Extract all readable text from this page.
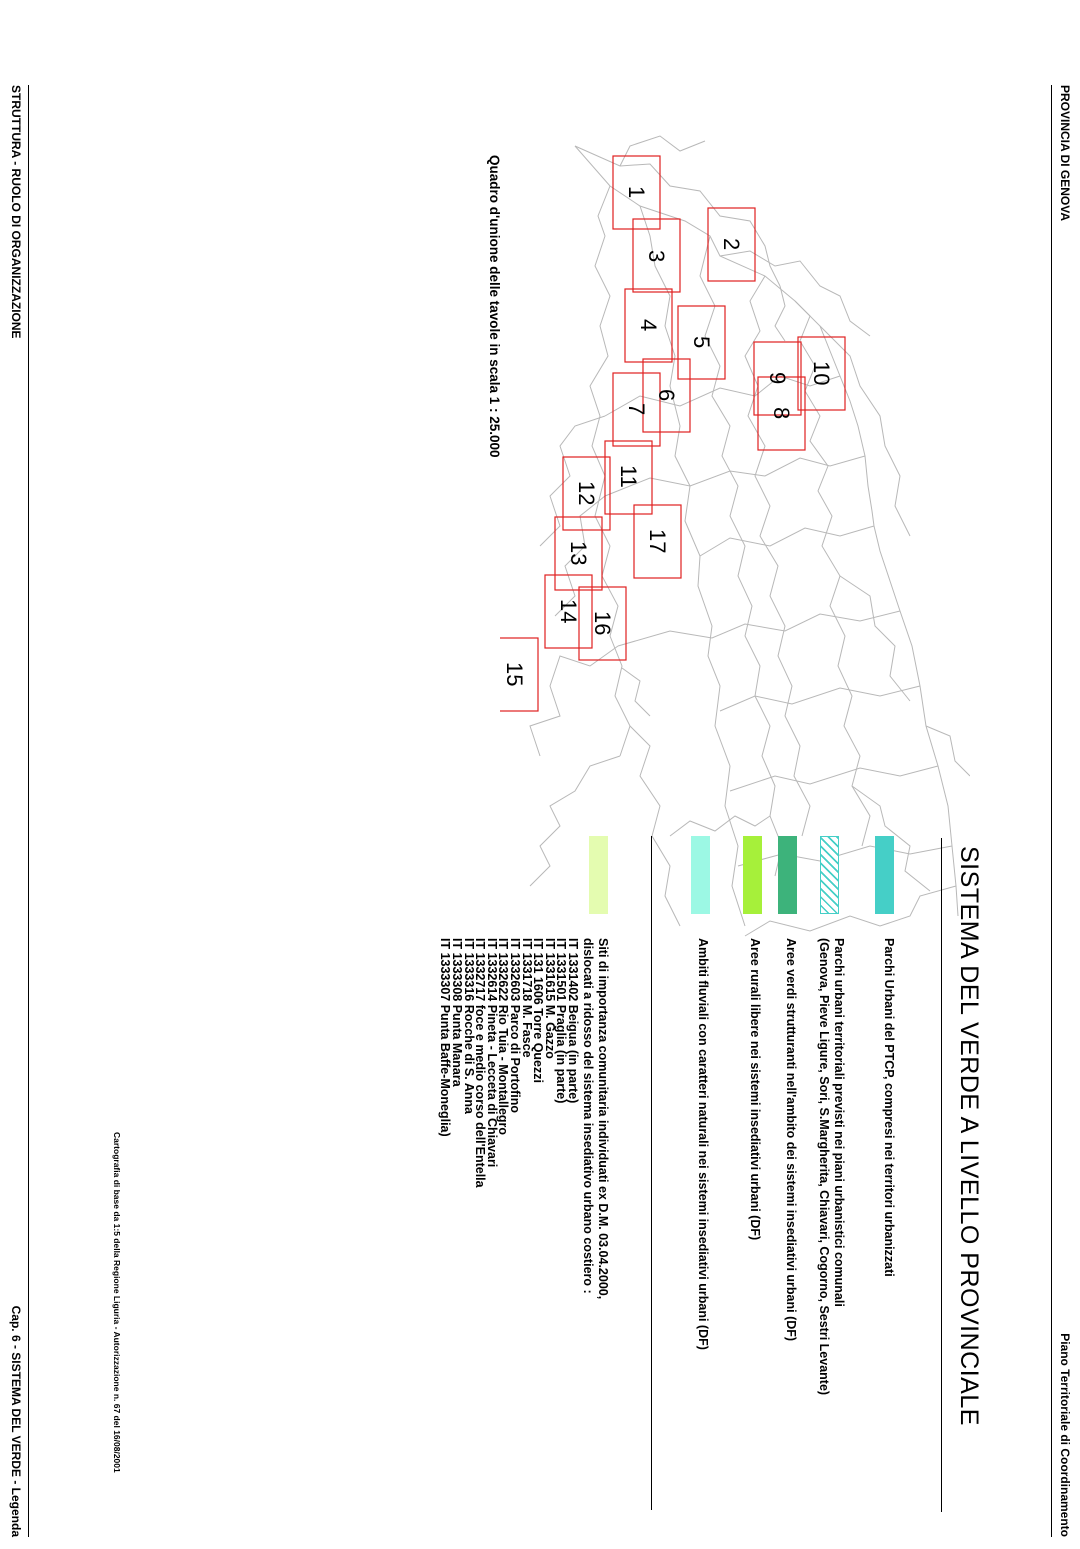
PROVINCIA DI GENOVA
Piano Territoriale di Coordinamento
1
2
3
4
5
6
7	8
9 10
11
12
13
14
15
16
17
Quadro d'unione delle tavole in scala 1 : 25.000
SISTEMA DEL VERDE A LIVELLO PROVINCIALE
Parchi Urbani del PTCP, compresi nei territori urbanizzati
Parchi urbani territoriali previsti nei piani urbanistici comunali
(Genova, Pieve Ligure, Sori, S.Margherita, Chiavari, Cogorno, Sestri Levante)
Aree verdi strutturanti nell'ambito dei sistemi insediativi urbani (DF)
Aree rurali libere nei sistemi insediativi urbani (DF)
Ambiti fluviali con caratteri naturali nei sistemi insediativi urbani (DF)
Siti di importanza comunitaria individuati ex D.M. 03.04.2000,
dislocati a ridosso del sistema insediativo urbano costiero :
IT 1331402 Beigua (in parte)
IT 1331501 Praglia (in parte)
IT 1331615 M. Gazzo
IT 131 1606 Torre Quezzi
IT 1331718 M. Fasce
IT 1332603 Parco di Portofino
IT 1332622 Rio Tuia - Montallegro
IT 1332614 Pineta - Lecceta di Chiavari
IT 1332717 foce e medio corso dell'Entella
IT 1333316 Rocche di S. Anna
IT 1333308 Punta Manara
IT 1333307 Punta Baffe-Moneglia)
Cartografia di base da 1:5 della Regione Liguria - Autorizzazione n. 67 del 16/08/2001
STRUTTURA - RUOLO DI ORGANIZZAZIONE
Cap. 6 - SISTEMA DEL VERDE - Legenda
